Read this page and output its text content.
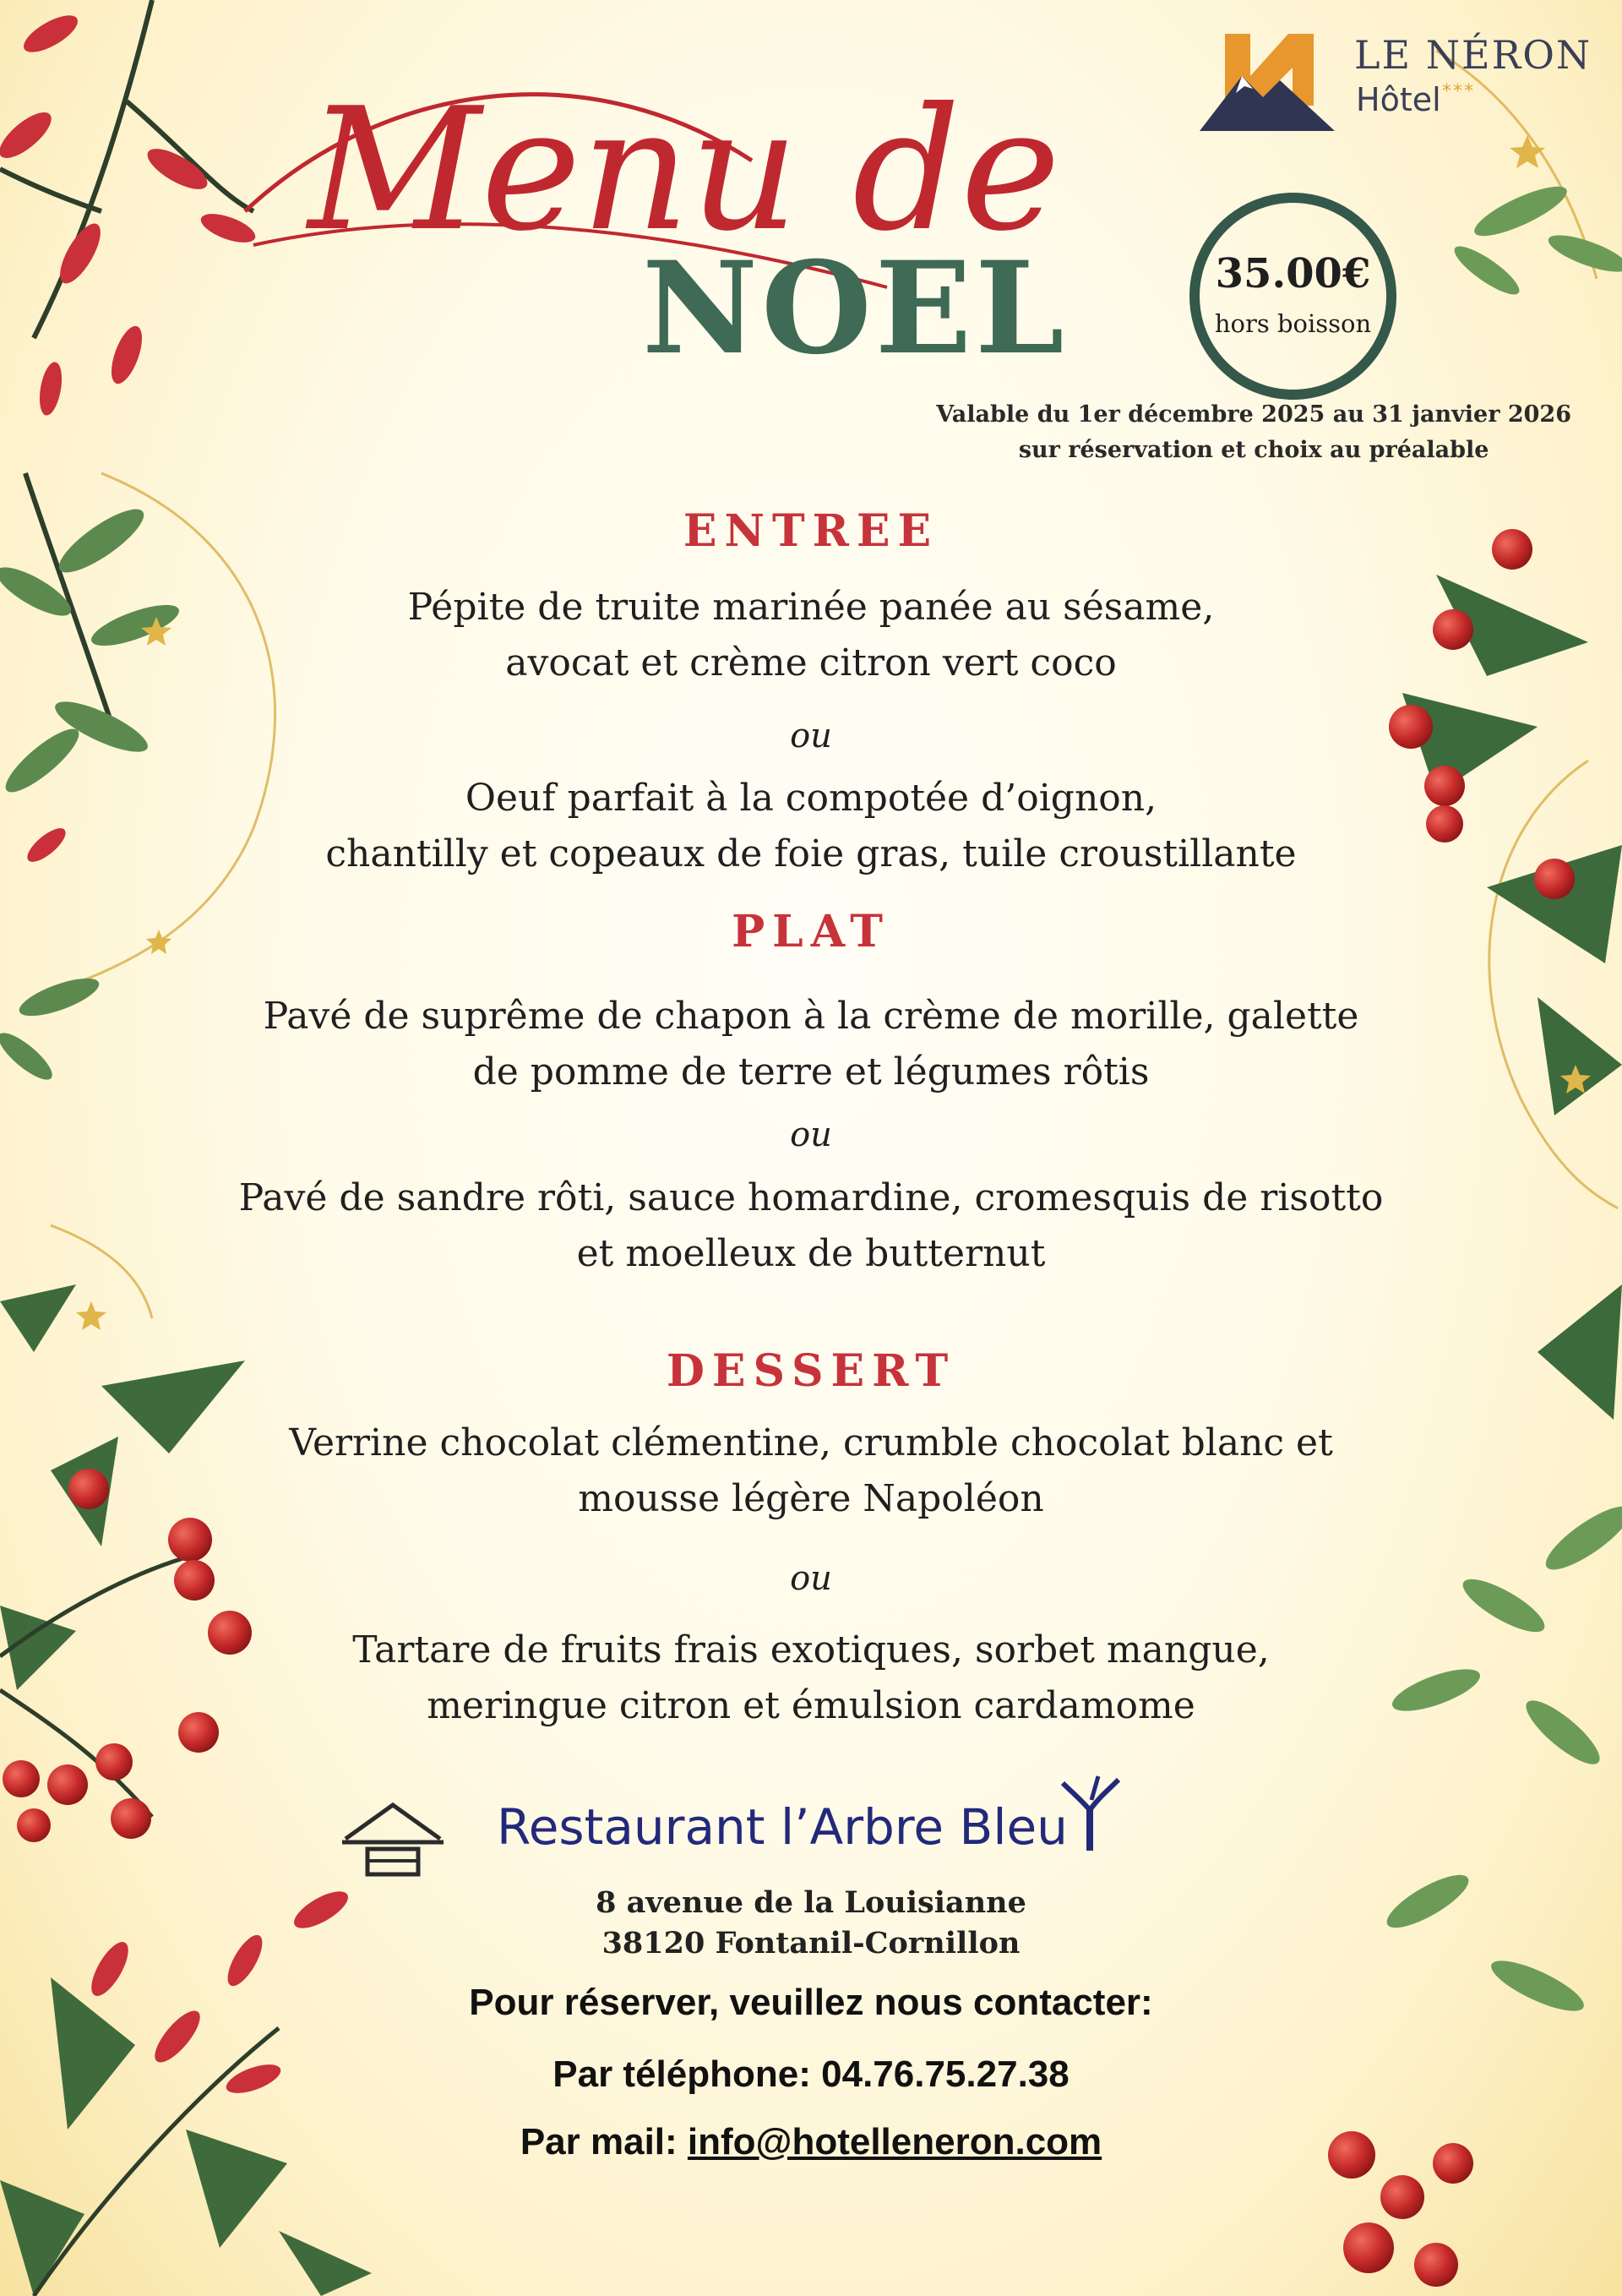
LE NÉRON
Hôtel ***
Menu de
NOEL	35.00€
hors boisson
Valable du 1er décembre 2025 au 31 janvier 2026
sur réservation et choix au préalable
ENTREE
Pépite de truite marinée panée au sésame,
avocat et crème citron vert coco
ou
Oeuf parfait à la compotée d’oignon,
chantilly et copeaux de foie gras, tuile croustillante
PLAT
Pavé de suprême de chapon à la crème de morille, galette
de pomme de terre et légumes rôtis
ou
Pavé de sandre rôti, sauce homardine, cromesquis de risotto
et moelleux de butternut
DESSERT
Verrine chocolat clémentine, crumble chocolat blanc et
mousse légère Napoléon
ou
Tartare de fruits frais exotiques, sorbet mangue,
meringue citron et émulsion cardamome
Restaurant l’Arbre Bleu
8 avenue de la Louisianne
38120 Fontanil-Cornillon
Pour réserver, veuillez nous contacter:
Par téléphone: 04.76.75.27.38
Par mail: info@hotelleneron.com
